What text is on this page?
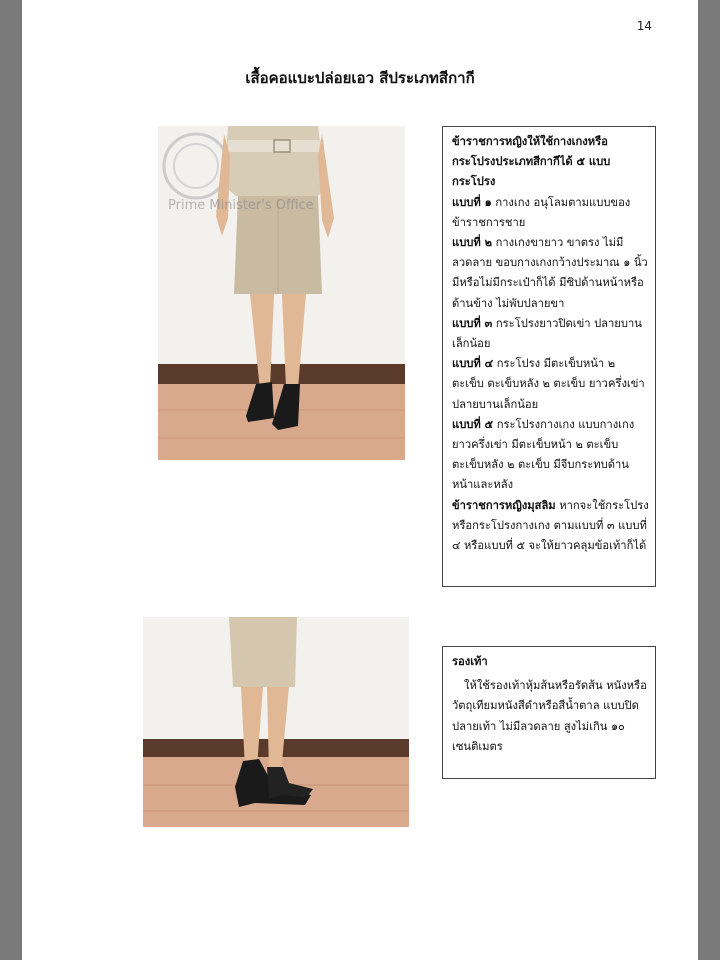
14
เสื้อคอแบะปล่อยเอว สีประเภทสีกากี
Prime Minister's Office

ข้าราชการหญิงให้ใช้กางเกงหรือกระโปรงประเภทสีกากีได้ ๕ แบบ

กระโปรง

แบบที่ ๑ กางเกง อนุโลมตามแบบของข้าราชการชาย

แบบที่ ๒ กางเกงขายาว ขาตรง ไม่มีลวดลาย ขอบกางเกงกว้างประมาณ ๑ นิ้ว มีหรือไม่มีกระเป๋าก็ได้ มีซิปด้านหน้าหรือด้านข้าง ไม่พับปลายขา

แบบที่ ๓ กระโปรงยาวปิดเข่า ปลายบานเล็กน้อย

แบบที่ ๔ กระโปรง มีตะเข็บหน้า ๒ ตะเข็บ ตะเข็บหลัง ๒ ตะเข็บ ยาวครึ่งเข่า ปลายบานเล็กน้อย

แบบที่ ๕ กระโปรงกางเกง แบบกางเกงยาวครึ่งเข่า มีตะเข็บหน้า ๒ ตะเข็บ ตะเข็บหลัง ๒ ตะเข็บ มีจีบกระทบด้านหน้าและหลัง

ข้าราชการหญิงมุสลิม หากจะใช้กระโปรง หรือกระโปรงกางเกง ตามแบบที่ ๓ แบบที่ ๔ หรือแบบที่ ๕ จะให้ยาวคลุมข้อเท้าก็ได้

รองเท้า

ให้ใช้รองเท้าหุ้มส้นหรือรัดส้น หนังหรือวัตถุเทียมหนังสีดำหรือสีน้ำตาล แบบปิดปลายเท้า ไม่มีลวดลาย สูงไม่เกิน ๑๐ เซนติเมตร
